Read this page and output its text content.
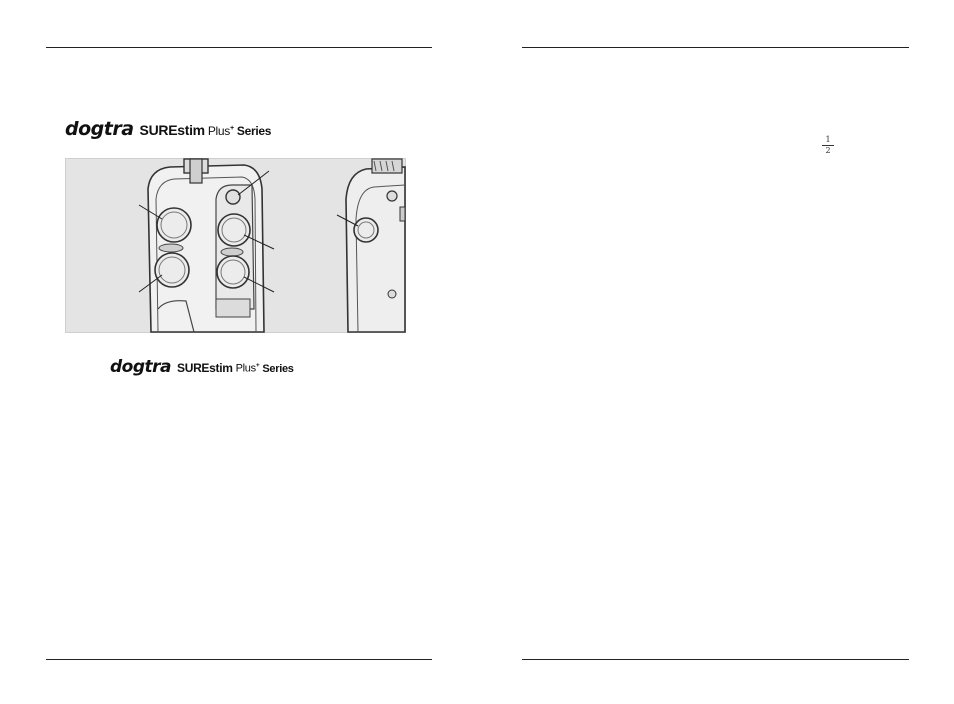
dogtra SUREstim Plus+ Series
dogtra SUREstim Plus+ Series
$\frac{1}{2}$
